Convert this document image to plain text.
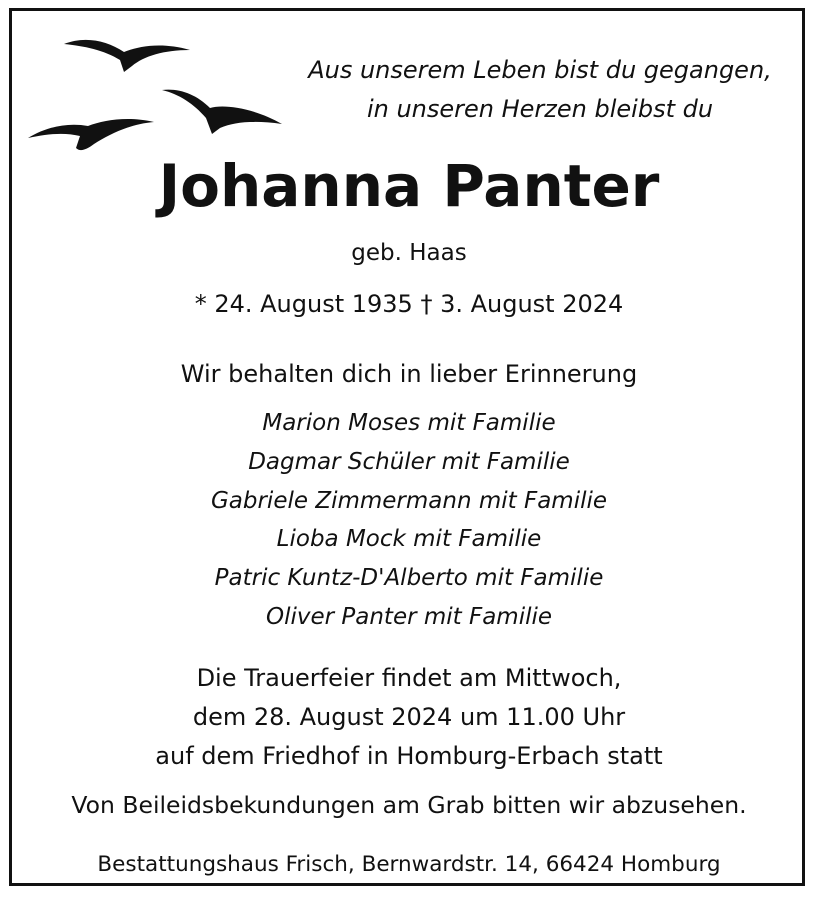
Aus unserem Leben bist du gegangen,
in unseren Herzen bleibst du
Johanna Panter
geb. Haas
* 24. August 1935 † 3. August 2024
Wir behalten dich in lieber Erinnerung
Marion Moses mit Familie
Dagmar Schüler mit Familie
Gabriele Zimmermann mit Familie
Lioba Mock mit Familie
Patric Kuntz-D'Alberto mit Familie
Oliver Panter mit Familie
Die Trauerfeier findet am Mittwoch,
dem 28. August 2024 um 11.00 Uhr
auf dem Friedhof in Homburg-Erbach statt
Von Beileidsbekundungen am Grab bitten wir abzusehen.
Bestattungshaus Frisch, Bernwardstr. 14, 66424 Homburg
